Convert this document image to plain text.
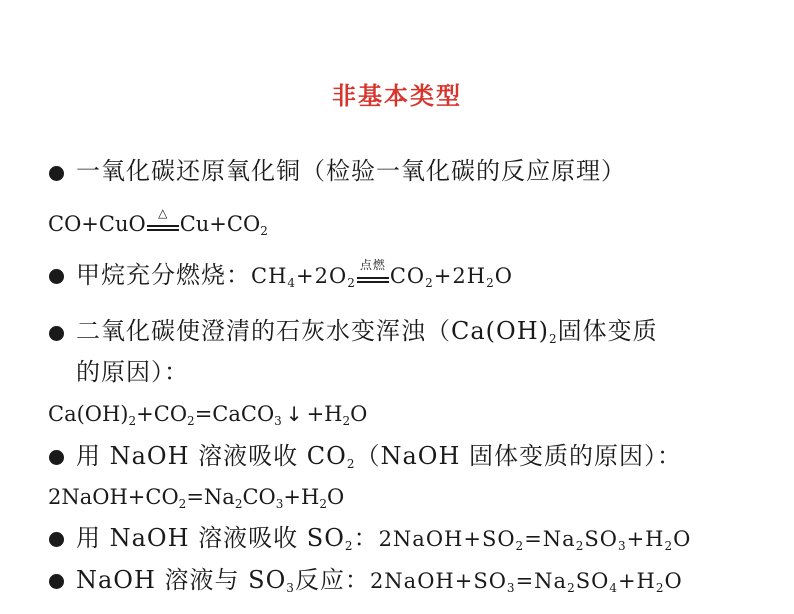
非基本类型
一氧化碳还原氧化铜（检验一氧化碳的反应原理）
CO+CuO	△ $Cu+CO_2$
甲烷充分燃烧：$CH_4+2O_2$
点燃 $CO_2+2H_2O$
二氧化碳使澄清的石灰水变浑浊（$Ca(OH)_2$固体变质
的原因）：
$Ca(OH)_2+CO_2=CaCO_3$ ↓ $+H_2O$
用 NaOH 溶液吸收 $CO_2(NaOH$ 固体变质的原因）：
$2NaOH+CO_2=Na_2CO_3+H_2O$
用 NaOH 溶液吸收 $SO_2$：$2NaOH+SO_2=Na_2SO_3+H_2O$
NaOH 溶液与 $SO_3$反应：$2NaOH+SO_3=Na_2SO_4+H_2O$
